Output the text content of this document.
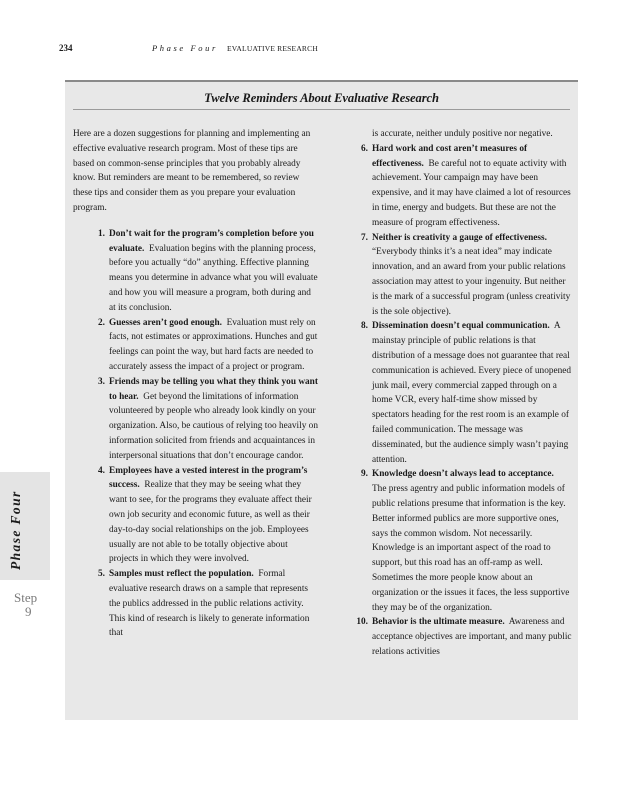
234	Phase Four EVALUATIVE RESEARCH
Twelve Reminders About Evaluative Research

Here are a dozen suggestions for planning and implementing an effective evaluative research program. Most of these tips are based on common-sense principles that you probably already know. But reminders are meant to be remembered, so review these tips and consider them as you prepare your evaluation program.

1. Don’t wait for the program’s completion before you evaluate. Evaluation begins with the planning process, before you actually “do” anything. Effective planning means you determine in advance what you will evaluate and how you will measure a program, both during and at its conclusion.
2. Guesses aren’t good enough. Evaluation must rely on facts, not estimates or approximations. Hunches and gut feelings can point the way, but hard facts are needed to accurately assess the impact of a project or program.
3. Friends may be telling you what they think you want to hear. Get beyond the limitations of information volunteered by people who already look kindly on your organization. Also, be cautious of relying too heavily on information solicited from friends and acquaintances in interpersonal situations that don’t encourage candor.
4. Employees have a vested interest in the program’s success. Realize that they may be seeing what they want to see, for the programs they evaluate affect their own job security and economic future, as well as their day-to-day social relationships on the job. Employees usually are not able to be totally objective about projects in which they were involved.
5. Samples must reflect the population. Formal evaluative research draws on a sample that represents the publics addressed in the public relations activity. This kind of research is likely to generate information that

is accurate, neither unduly positive nor negative.

6. Hard work and cost aren’t measures of effectiveness. Be careful not to equate activity with achievement. Your campaign may have been expensive, and it may have claimed a lot of resources in time, energy and budgets. But these are not the measure of program effectiveness.
7. Neither is creativity a gauge of effectiveness.  “Everybody thinks it’s a neat idea” may indicate innovation, and an award from your public relations association may attest to your ingenuity. But neither is the mark of a successful program (unless creativity is the sole objective).
8. Dissemination doesn’t equal communication. A mainstay principle of public relations is that distribution of a message does not guarantee that real communication is achieved. Every piece of unopened junk mail, every commercial zapped through on a home VCR, every half-time show missed by spectators heading for the rest room is an example of failed communication. The message was disseminated, but the audience simply wasn’t paying attention.
9. Knowledge doesn’t always lead to acceptance.  The press agentry and public information models of public relations presume that information is the key. Better informed publics are more supportive ones, says the common wisdom. Not necessarily. Knowledge is an important aspect of the road to support, but this road has an off-ramp as well. Sometimes the more people know about an organization or the issues it faces, the less supportive they may be of the organization.
10. Behavior is the ultimate measure. Awareness and acceptance objectives are important, and many public relations activities
Phase Four
Step
9
